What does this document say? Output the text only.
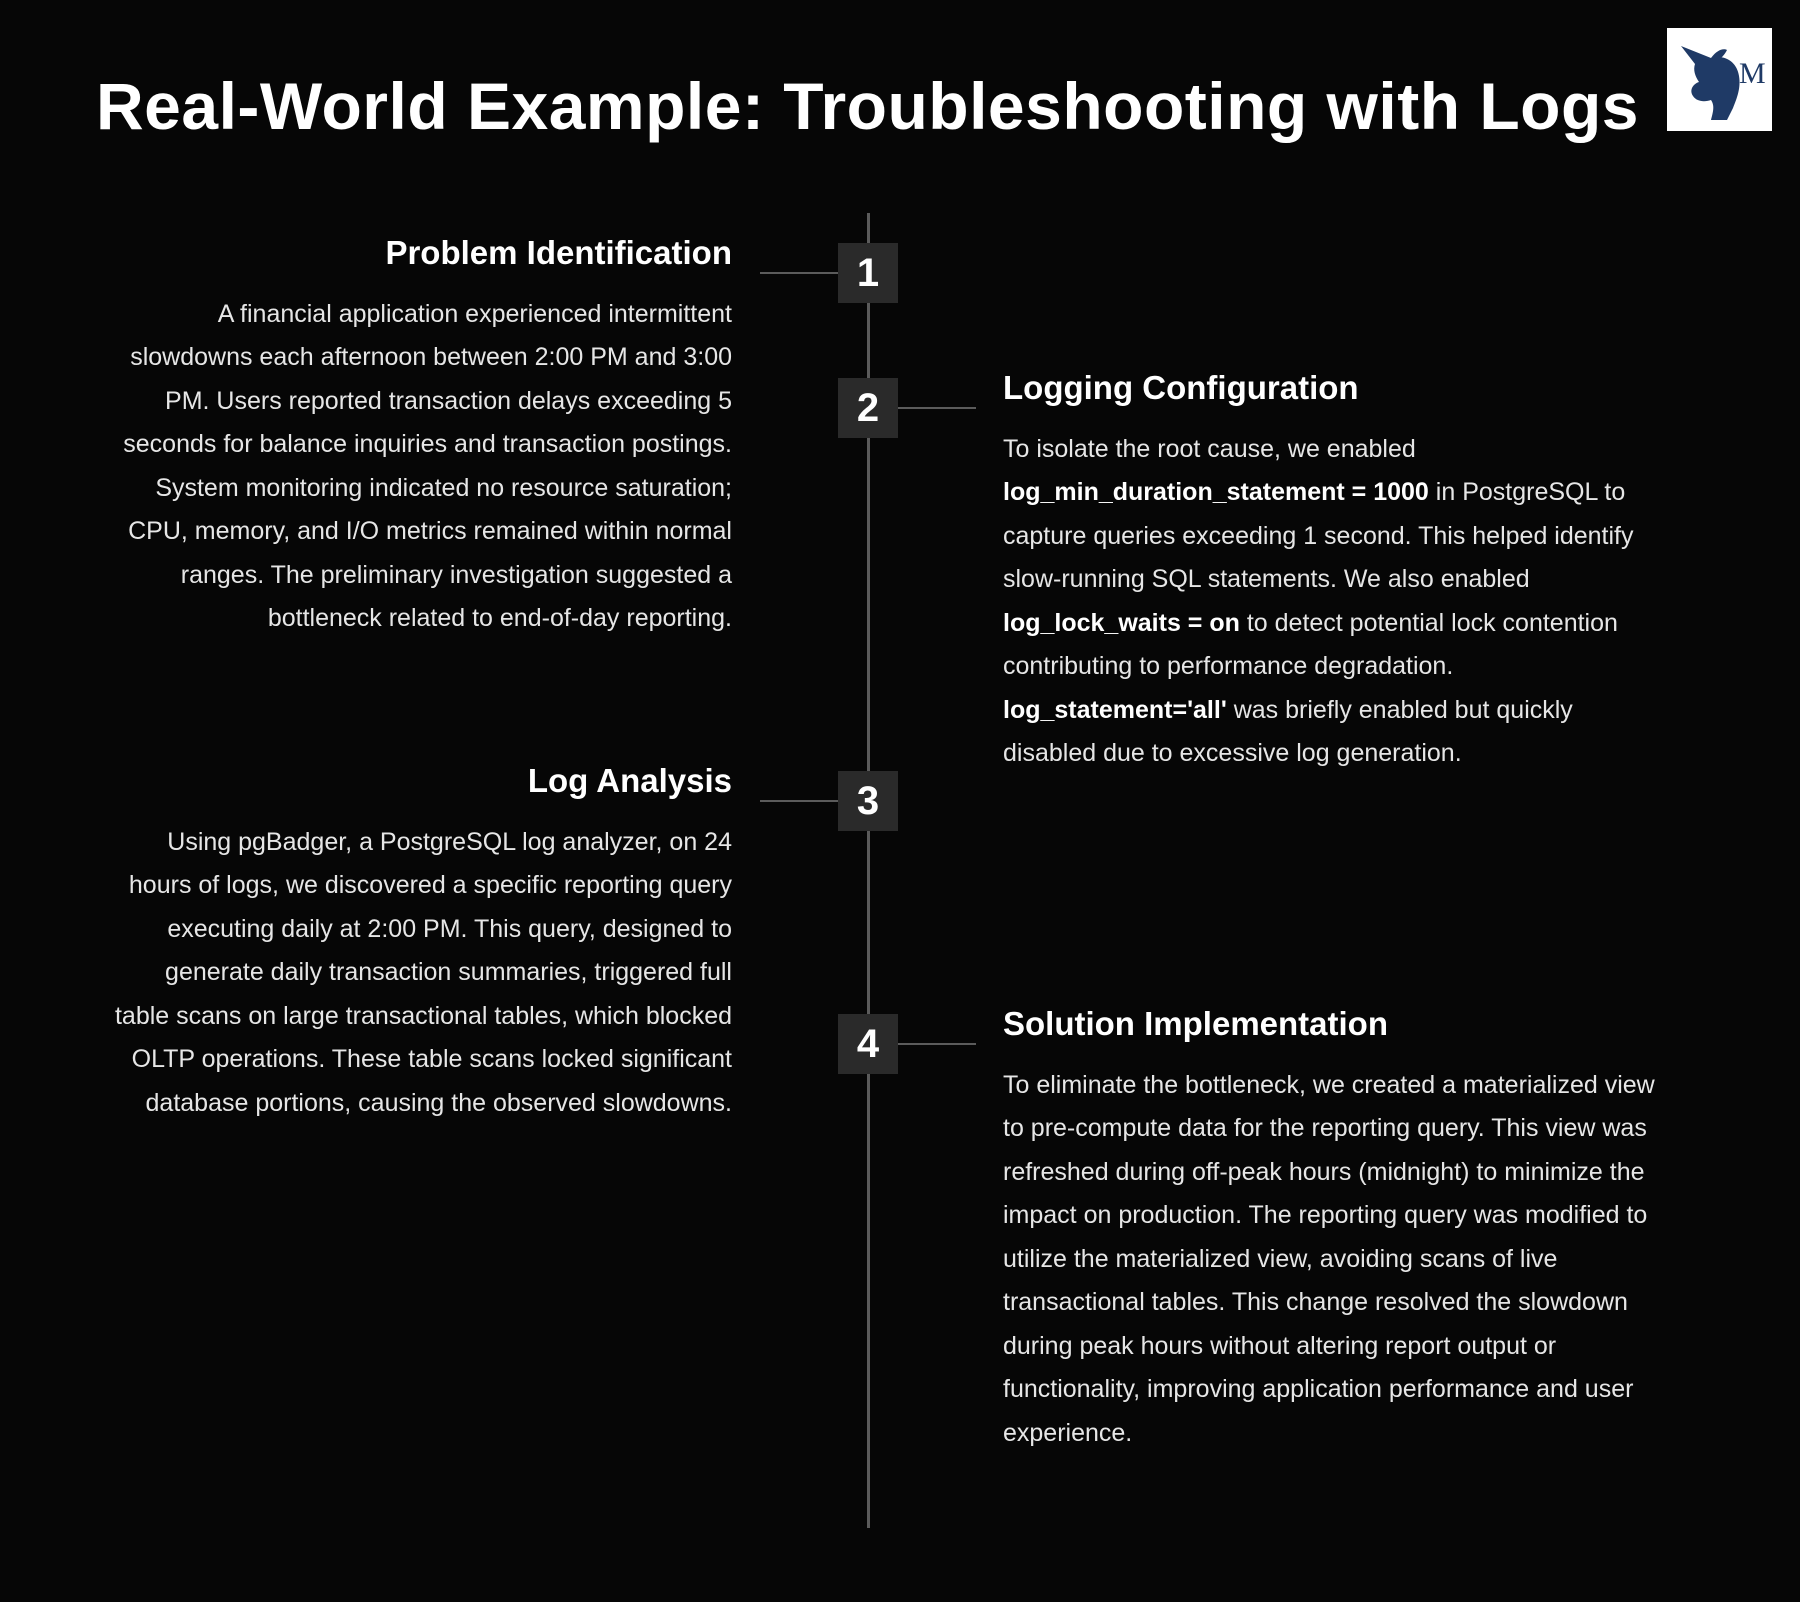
Real-World Example: Troubleshooting with Logs	M
1
Problem Identification

A financial application experienced intermittent slowdowns each afternoon between 2:00 PM and 3:00 PM. Users reported transaction delays exceeding 5 seconds for balance inquiries and transaction postings. System monitoring indicated no resource saturation; CPU, memory, and I/O metrics remained within normal ranges. The preliminary investigation suggested a bottleneck related to end-of-day reporting.

2	Logging Configuration

To isolate the root cause, we enabled log_min_duration_statement = 1000 in PostgreSQL to capture queries exceeding 1 second. This helped identify slow-running SQL statements. We also enabled log_lock_waits = on to detect potential lock contention contributing to performance degradation. log_statement='all' was briefly enabled but quickly disabled due to excessive log generation.

3
Log Analysis

Using pgBadger, a PostgreSQL log analyzer, on 24 hours of logs, we discovered a specific reporting query executing daily at 2:00 PM. This query, designed to generate daily transaction summaries, triggered full table scans on large transactional tables, which blocked OLTP operations. These table scans locked significant database portions, causing the observed slowdowns.

4	Solution Implementation

To eliminate the bottleneck, we created a materialized view to pre-compute data for the reporting query. This view was refreshed during off-peak hours (midnight) to minimize the impact on production. The reporting query was modified to utilize the materialized view, avoiding scans of live transactional tables. This change resolved the slowdown during peak hours without altering report output or functionality, improving application performance and user experience.
